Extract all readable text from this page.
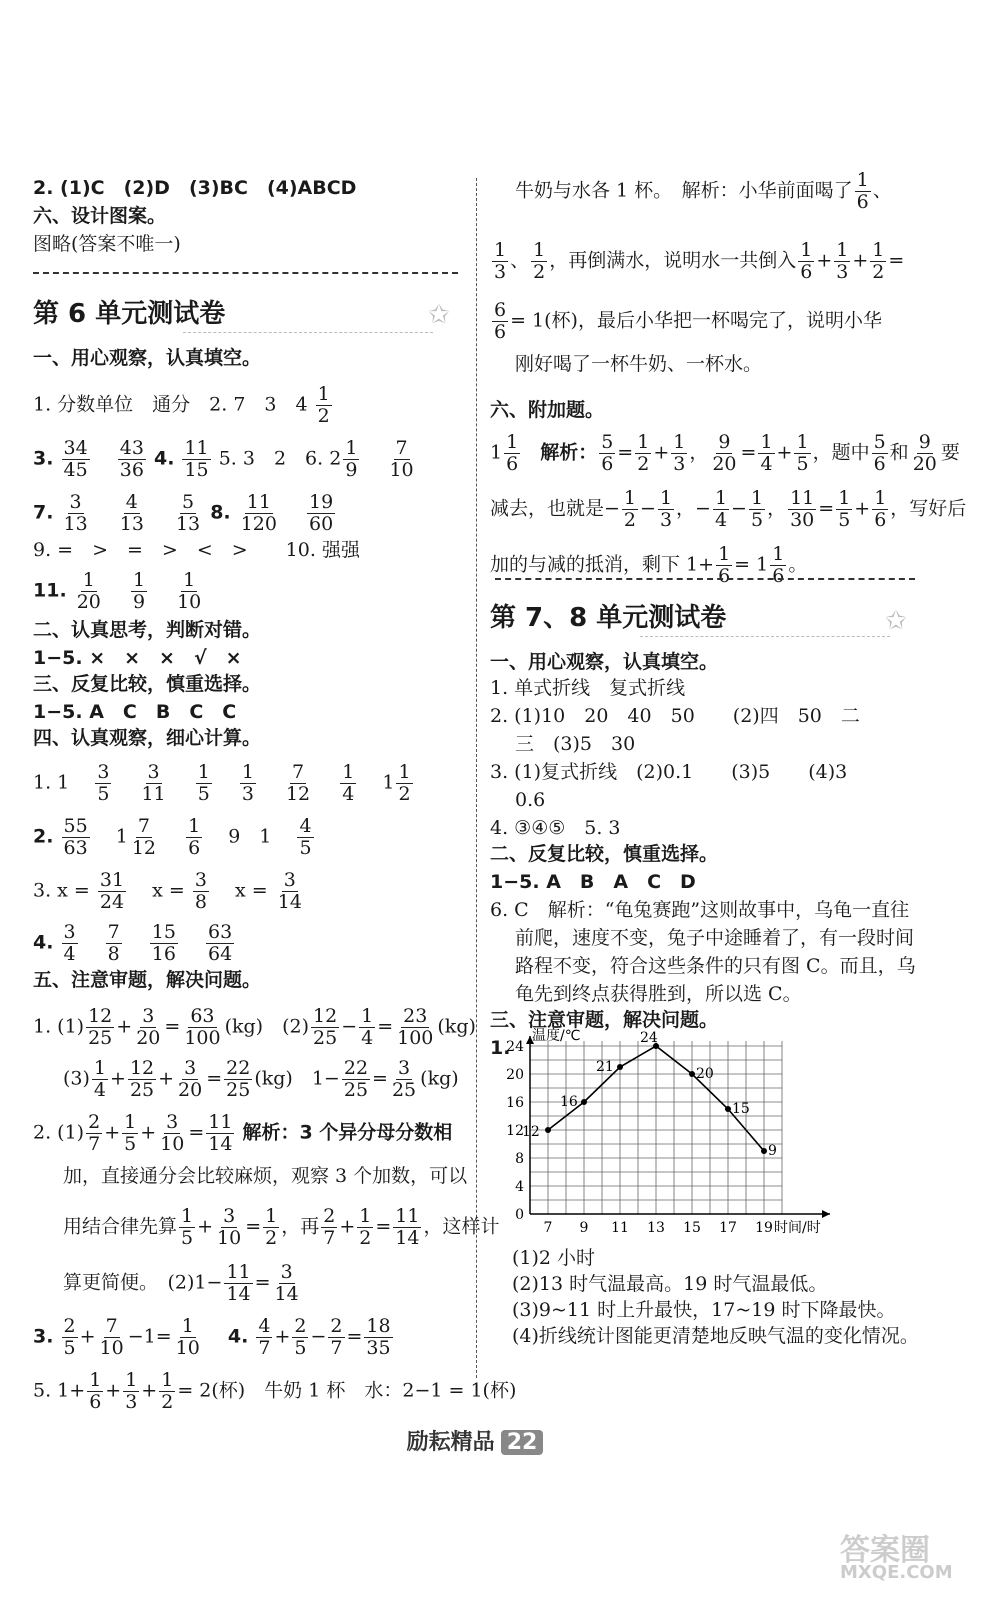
2. (1)C　(2)D　(3)BC　(4)ABCD
六、设计图案。
图略(答案不唯一)
第 6 单元测试卷	✩
一、用心观察，认真填空。
1. 分数单位　通分　2. 7　3　$4 \frac{1}{2}$
3. $\frac{34}{45}$
$\frac{43}{36} 4$. $\frac{11}{15} 5$. 3　2　6. $2 \frac{1}{9}$
$\frac{7}{10}$
7. $\frac{3}{13}$
$\frac{4}{13}$
$\frac{5}{13} 8$. $\frac{11}{120}$
$\frac{19}{60}$
9. =　>　=　>　<　>　　10. 强强
11. $\frac{1}{20}$
$\frac{1}{9}$
$\frac{1}{10}$
二、认真思考，判断对错。
1−5. ×　×　×　√　×
三、反复比较，慎重选择。
1−5. A　C　B　C　C
四、认真观察，细心计算。
1. $1 \frac{3}{5}$
$\frac{3}{11}$
$\frac{1}{5}$
$\frac{1}{3}$
$\frac{7}{12}$
$\frac{1}{4} 1 \frac{1}{2}$
2. $\frac{55}{63} 1 \frac{7}{12}$
$\frac{1}{6} 9$　$1 \frac{4}{5}$
3. $x = \frac{31}{24}$ $x = \frac{3}{8}$ $x = \frac{3}{14}$
4. $\frac{3}{4}$
$\frac{7}{8}$
$\frac{15}{16}$
$\frac{63}{64}$
五、注意审题，解决问题。
1. $(1) \frac{12}{25} + \frac{3}{20} = \frac{63}{100} (kg)$　$(2) \frac{12}{25} - \frac{1}{4} = \frac{23}{100} (kg)$
$(3) \frac{1}{4} + \frac{12}{25} + \frac{3}{20} = \frac{22}{25} (kg)$　$1- \frac{22}{25} = \frac{3}{25} (kg)$
2. $(1) \frac{2}{7} + \frac{1}{5} + \frac{3}{10} = \frac{11}{14}$ 解析：3 个异分母分数相
加，直接通分会比较麻烦，观察 3 个加数，可以
用结合律先算 $\frac{1}{5} + \frac{3}{10} = \frac{1}{2}$ ，再 $\frac{2}{7} + \frac{1}{2} = \frac{11}{14}$ ，这样计
算更简便。　$(2)1- \frac{11}{14} = \frac{3}{14}$
3. $\frac{2}{5} + \frac{7}{10} -1= \frac{1}{10} 4$. $\frac{4}{7} + \frac{2}{5} - \frac{2}{7} = \frac{18}{35}$
5. $1+ \frac{1}{6} + \frac{1}{3} + \frac{1}{2} = 2$(杯)　牛奶 1 杯　水：2−1 = 1(杯)
牛奶与水各 1 杯。　解析：小华前面喝了 $\frac{1}{6}$ 、
$\frac{1}{3}$ 、 $\frac{1}{2}$ ，再倒满水，说明水一共倒入 $\frac{1}{6} + \frac{1}{3} + \frac{1}{2}$ =
$\frac{6}{6} = 1$(杯)，最后小华把一杯喝完了，说明小华
刚好喝了一杯牛奶、一杯水。
六、附加题。
$1 \frac{1}{6}$ 解析： $\frac{5}{6} = \frac{1}{2} + \frac{1}{3}$ ， $\frac{9}{20} = \frac{1}{4} + \frac{1}{5}$ ，题中 $\frac{5}{6}$ 和 $\frac{9}{20}$ 要
减去，也就是− $\frac{1}{2} - \frac{1}{3}$ ，− $\frac{1}{4} - \frac{1}{5}$ ， $\frac{11}{30} = \frac{1}{5} + \frac{1}{6}$ ，写好后
加的与减的抵消，剩下 $1+ \frac{1}{6} = 1 \frac{1}{6}$ 。
第 7、8 单元测试卷	✩
一、用心观察，认真填空。
1. 单式折线　复式折线
2. (1)10　20　40　50　　(2)四　50　二
三　(3)5　30
3. (1)复式折线　(2)0.1　　(3)5　　(4)3
0.6
4. ③④⑤　5. 3
二、反复比较，慎重选择。
1−5. A　B　A　C　D
6. C　解析：“龟兔赛跑”这则故事中，乌龟一直往
前爬，速度不变，兔子中途睡着了，有一段时间
路程不变，符合这些条件的只有图 C。而且，乌
龟先到终点获得胜到，所以选 C。
三、注意审题，解决问题。
1.
0
4
8
12
16
20
24
7 9 11 13 15 17 19
温度/℃
时间/时
12
16
21
24
20
15
9
(1)2 小时
(2)13 时气温最高。19 时气温最低。
(3)9~11 时上升最快，17~19 时下降最快。
(4)折线统计图能更清楚地反映气温的变化情况。
励耘精品 22
答案圈
MXQE.COM
